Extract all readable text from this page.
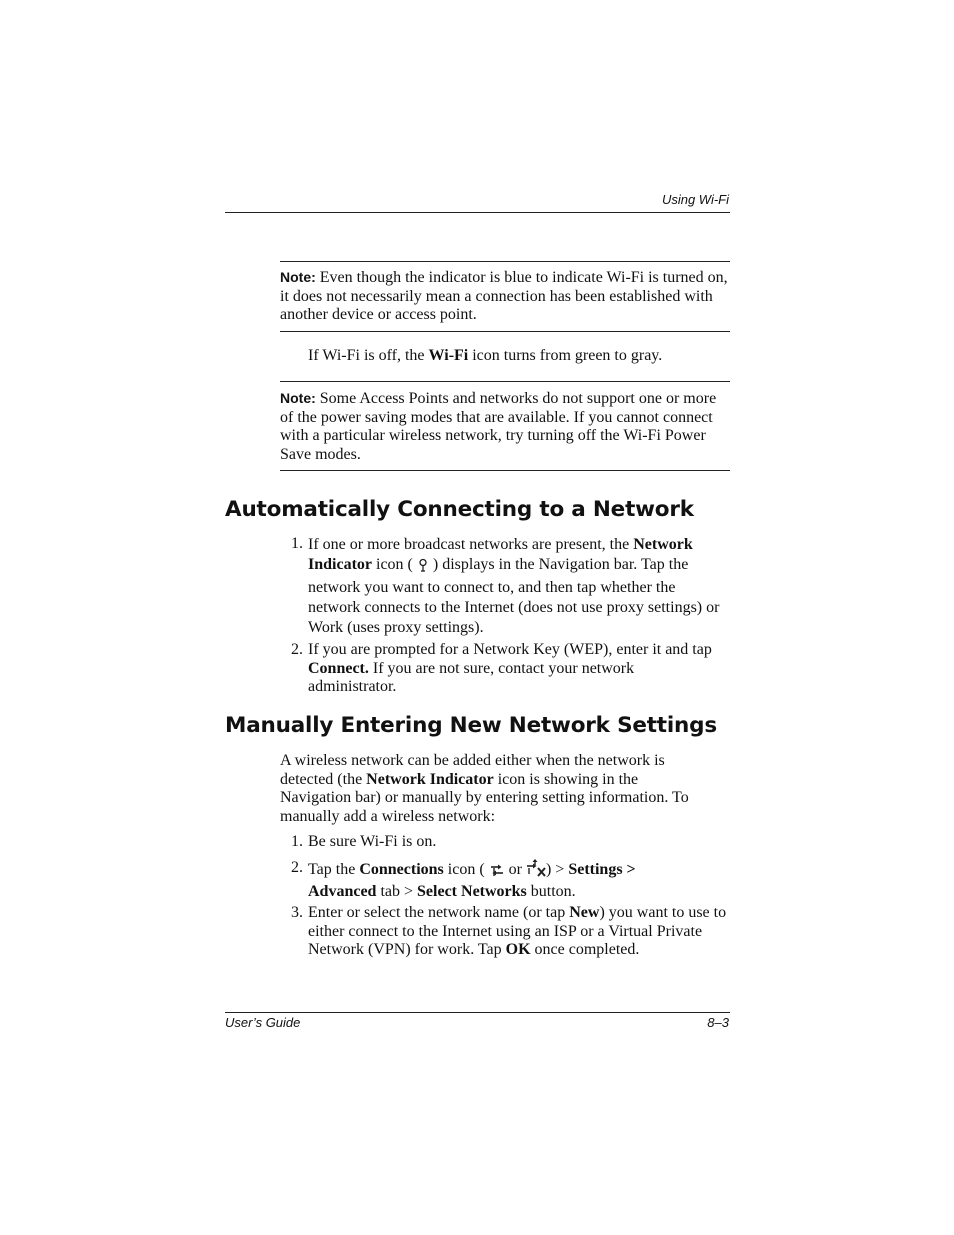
Using Wi-Fi
Note: Even though the indicator is blue to indicate Wi-Fi is turned on, it does not necessarily mean a connection has been established with another device or access point.
If Wi-Fi is off, the Wi-Fi icon turns from green to gray.
Note: Some Access Points and networks do not support one or more of the power saving modes that are available. If you cannot connect with a particular wireless network, try turning off the Wi-Fi Power Save modes.
Automatically Connecting to a Network
1. If one or more broadcast networks are present, the Network Indicator icon ( ) displays in the Navigation bar. Tap the network you want to connect to, and then tap whether the network connects to the Internet (does not use proxy settings) or Work (uses proxy settings).
2. If you are prompted for a Network Key (WEP), enter it and tap Connect. If you are not sure, contact your network administrator.
Manually Entering New Network Settings
A wireless network can be added either when the network is detected (the Network Indicator icon is showing in the Navigation bar) or manually by entering setting information. To manually add a wireless network:
1. Be sure Wi-Fi is on.
2. Tap the Connections icon ( or ) > Settings > Advanced tab > Select Networks button.
3. Enter or select the network name (or tap New) you want to use to either connect to the Internet using an ISP or a Virtual Private Network (VPN) for work. Tap OK once completed.
User’s Guide	8–3
